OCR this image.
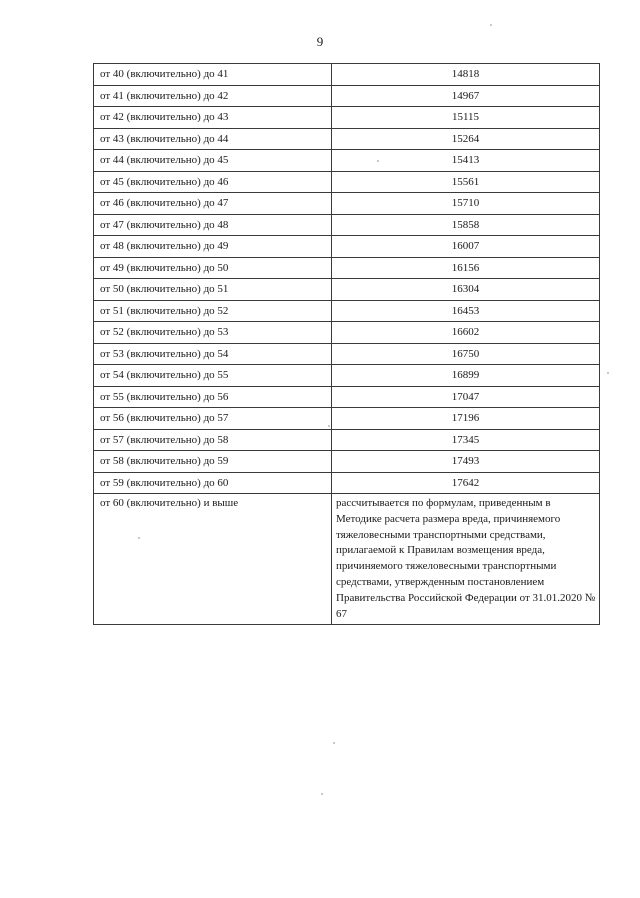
9
от 40 (включительно) до 41	14818
от 41 (включительно) до 42	14967
от 42 (включительно) до 43	15115
от 43 (включительно) до 44	15264
от 44 (включительно) до 45	15413
от 45 (включительно) до 46	15561
от 46 (включительно) до 47	15710
от 47 (включительно) до 48	15858
от 48 (включительно) до 49	16007
от 49 (включительно) до 50	16156
от 50 (включительно) до 51	16304
от 51 (включительно) до 52	16453
от 52 (включительно) до 53	16602
от 53 (включительно) до 54	16750
от 54 (включительно) до 55	16899
от 55 (включительно) до 56	17047
от 56 (включительно) до 57	17196
от 57 (включительно) до 58	17345
от 58 (включительно) до 59	17493
от 59 (включительно) до 60	17642
от 60 (включительно) и выше	рассчитывается по формулам, приведенным в Методике расчета размера вреда, причиняемого тяжеловесными транспортными средствами, прилагаемой к Правилам возмещения вреда, причиняемого тяжеловесными транспортными средствами, утвержденным постановлением Правительства Российской Федерации от 31.01.2020 № 67
